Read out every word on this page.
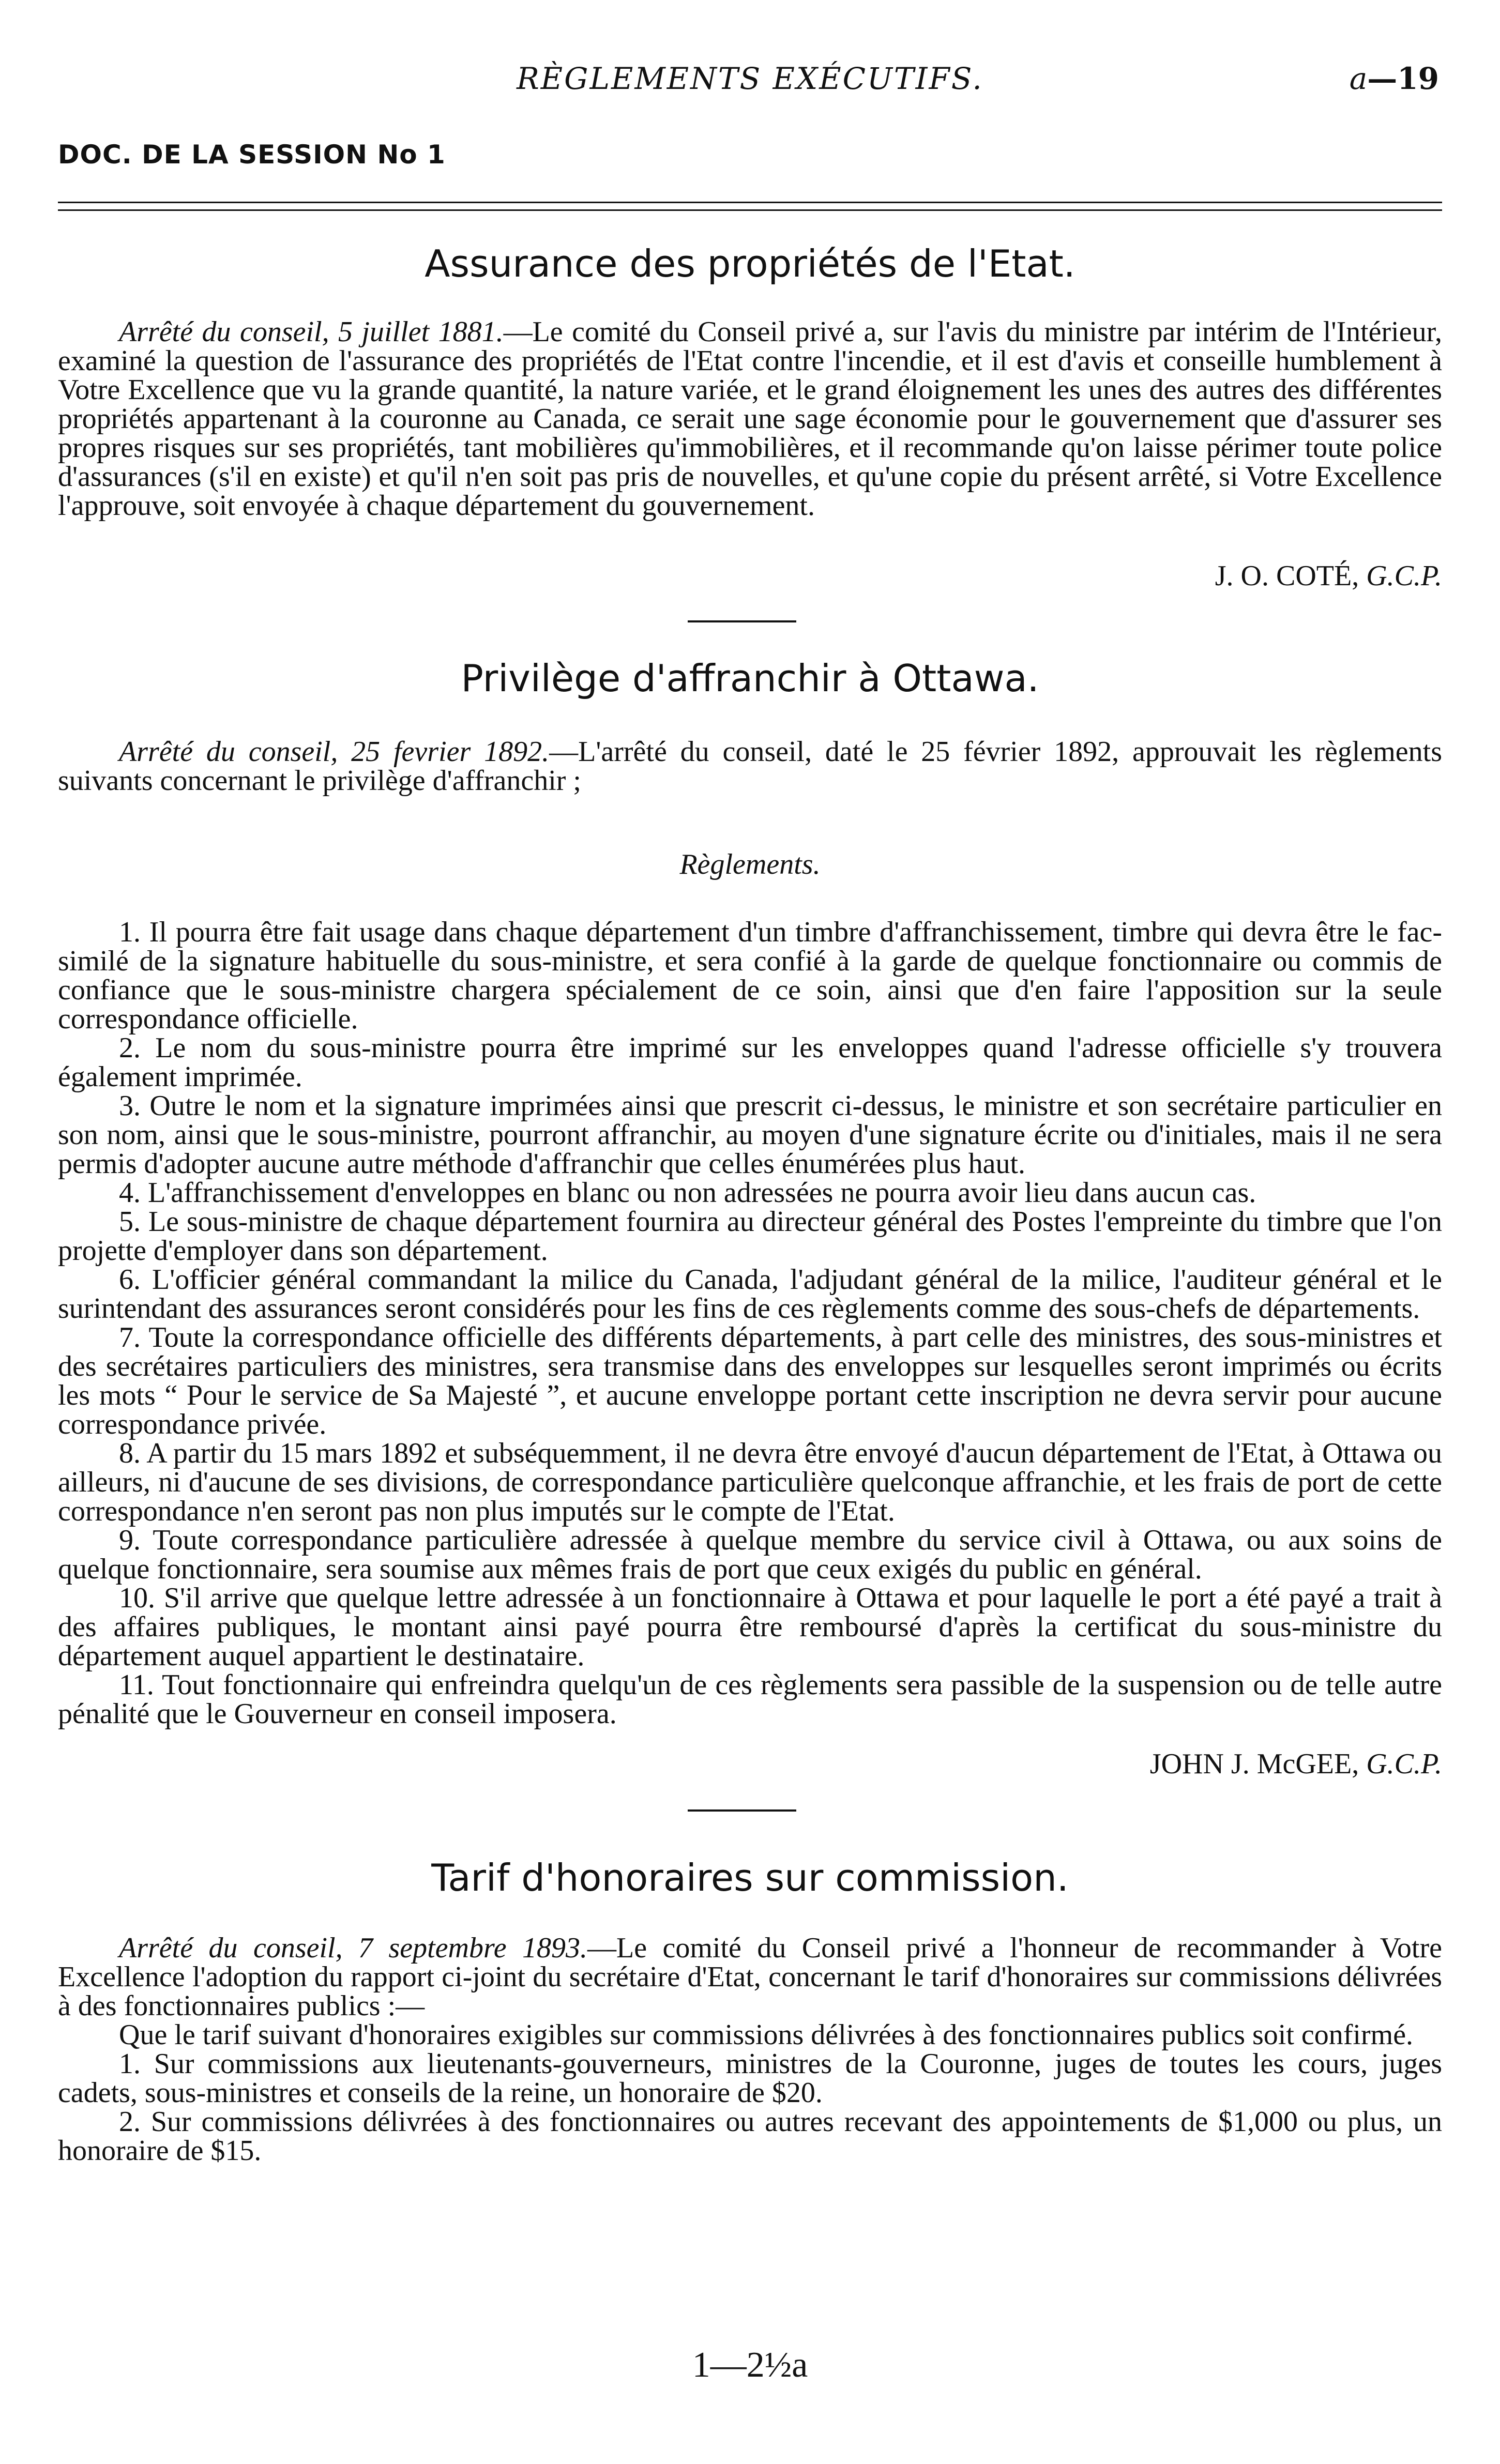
RÈGLEMENTS EXÉCUTIFS.	a—19
DOC. DE LA SESSION No 1
Assurance des propriétés de l'Etat.

Arrêté du conseil, 5 juillet 1881.—Le comité du Conseil privé a, sur l'avis du ministre par intérim de l'Intérieur, examiné la question de l'assurance des propriétés de l'Etat contre l'incendie, et il est d'avis et conseille humblement à Votre Excellence que vu la grande quantité, la nature variée, et le grand éloignement les unes des autres des différentes propriétés appartenant à la couronne au Canada, ce serait une sage économie pour le gouvernement que d'assurer ses propres risques sur ses propriétés, tant mobilières qu'immobilières, et il recommande qu'on laisse périmer toute police d'assurances (s'il en existe) et qu'il n'en soit pas pris de nouvelles, et qu'une copie du présent arrêté, si Votre Excellence l'approuve, soit envoyée à chaque département du gouvernement.

J. O. COTÉ, G.C.P.
Privilège d'affranchir à Ottawa.

Arrêté du conseil, 25 fevrier 1892.—L'arrêté du conseil, daté le 25 février 1892, approuvait les règlements suivants concernant le privilège d'affranchir ;

Règlements.

1. Il pourra être fait usage dans chaque département d'un timbre d'affranchissement, timbre qui devra être le fac-similé de la signature habituelle du sous-ministre, et sera confié à la garde de quelque fonctionnaire ou commis de confiance que le sous-ministre chargera spécialement de ce soin, ainsi que d'en faire l'apposition sur la seule correspondance officielle.

2. Le nom du sous-ministre pourra être imprimé sur les enveloppes quand l'adresse officielle s'y trouvera également imprimée.

3. Outre le nom et la signature imprimées ainsi que prescrit ci-dessus, le ministre et son secrétaire particulier en son nom, ainsi que le sous-ministre, pourront affranchir, au moyen d'une signature écrite ou d'initiales, mais il ne sera permis d'adopter aucune autre méthode d'affranchir que celles énumérées plus haut.

4. L'affranchissement d'enveloppes en blanc ou non adressées ne pourra avoir lieu dans aucun cas.

5. Le sous-ministre de chaque département fournira au directeur général des Postes l'empreinte du timbre que l'on projette d'employer dans son département.

6. L'officier général commandant la milice du Canada, l'adjudant général de la milice, l'auditeur général et le surintendant des assurances seront considérés pour les fins de ces règlements comme des sous-chefs de départements.

7. Toute la correspondance officielle des différents départements, à part celle des ministres, des sous-ministres et des secrétaires particuliers des ministres, sera transmise dans des enveloppes sur lesquelles seront imprimés ou écrits les mots “ Pour le service de Sa Majesté ”, et aucune enveloppe portant cette inscription ne devra servir pour aucune correspondance privée.

8. A partir du 15 mars 1892 et subséquemment, il ne devra être envoyé d'aucun département de l'Etat, à Ottawa ou ailleurs, ni d'aucune de ses divisions, de correspondance particulière quelconque affranchie, et les frais de port de cette correspondance n'en seront pas non plus imputés sur le compte de l'Etat.

9. Toute correspondance particulière adressée à quelque membre du service civil à Ottawa, ou aux soins de quelque fonctionnaire, sera soumise aux mêmes frais de port que ceux exigés du public en général.

10. S'il arrive que quelque lettre adressée à un fonctionnaire à Ottawa et pour laquelle le port a été payé a trait à des affaires publiques, le montant ainsi payé pourra être remboursé d'après la certificat du sous-ministre du département auquel appartient le destinataire.

11. Tout fonctionnaire qui enfreindra quelqu'un de ces règlements sera passible de la suspension ou de telle autre pénalité que le Gouverneur en conseil imposera.

JOHN J. McGEE, G.C.P.
Tarif d'honoraires sur commission.

Arrêté du conseil, 7 septembre 1893.—Le comité du Conseil privé a l'honneur de recommander à Votre Excellence l'adoption du rapport ci-joint du secrétaire d'Etat, concernant le tarif d'honoraires sur commissions délivrées à des fonctionnaires publics :—

Que le tarif suivant d'honoraires exigibles sur commissions délivrées à des fonctionnaires publics soit confirmé.

1. Sur commissions aux lieutenants-gouverneurs, ministres de la Couronne, juges de toutes les cours, juges cadets, sous-ministres et conseils de la reine, un honoraire de $20.

2. Sur commissions délivrées à des fonctionnaires ou autres recevant des appointements de $1,000 ou plus, un honoraire de $15.

1—2½a
